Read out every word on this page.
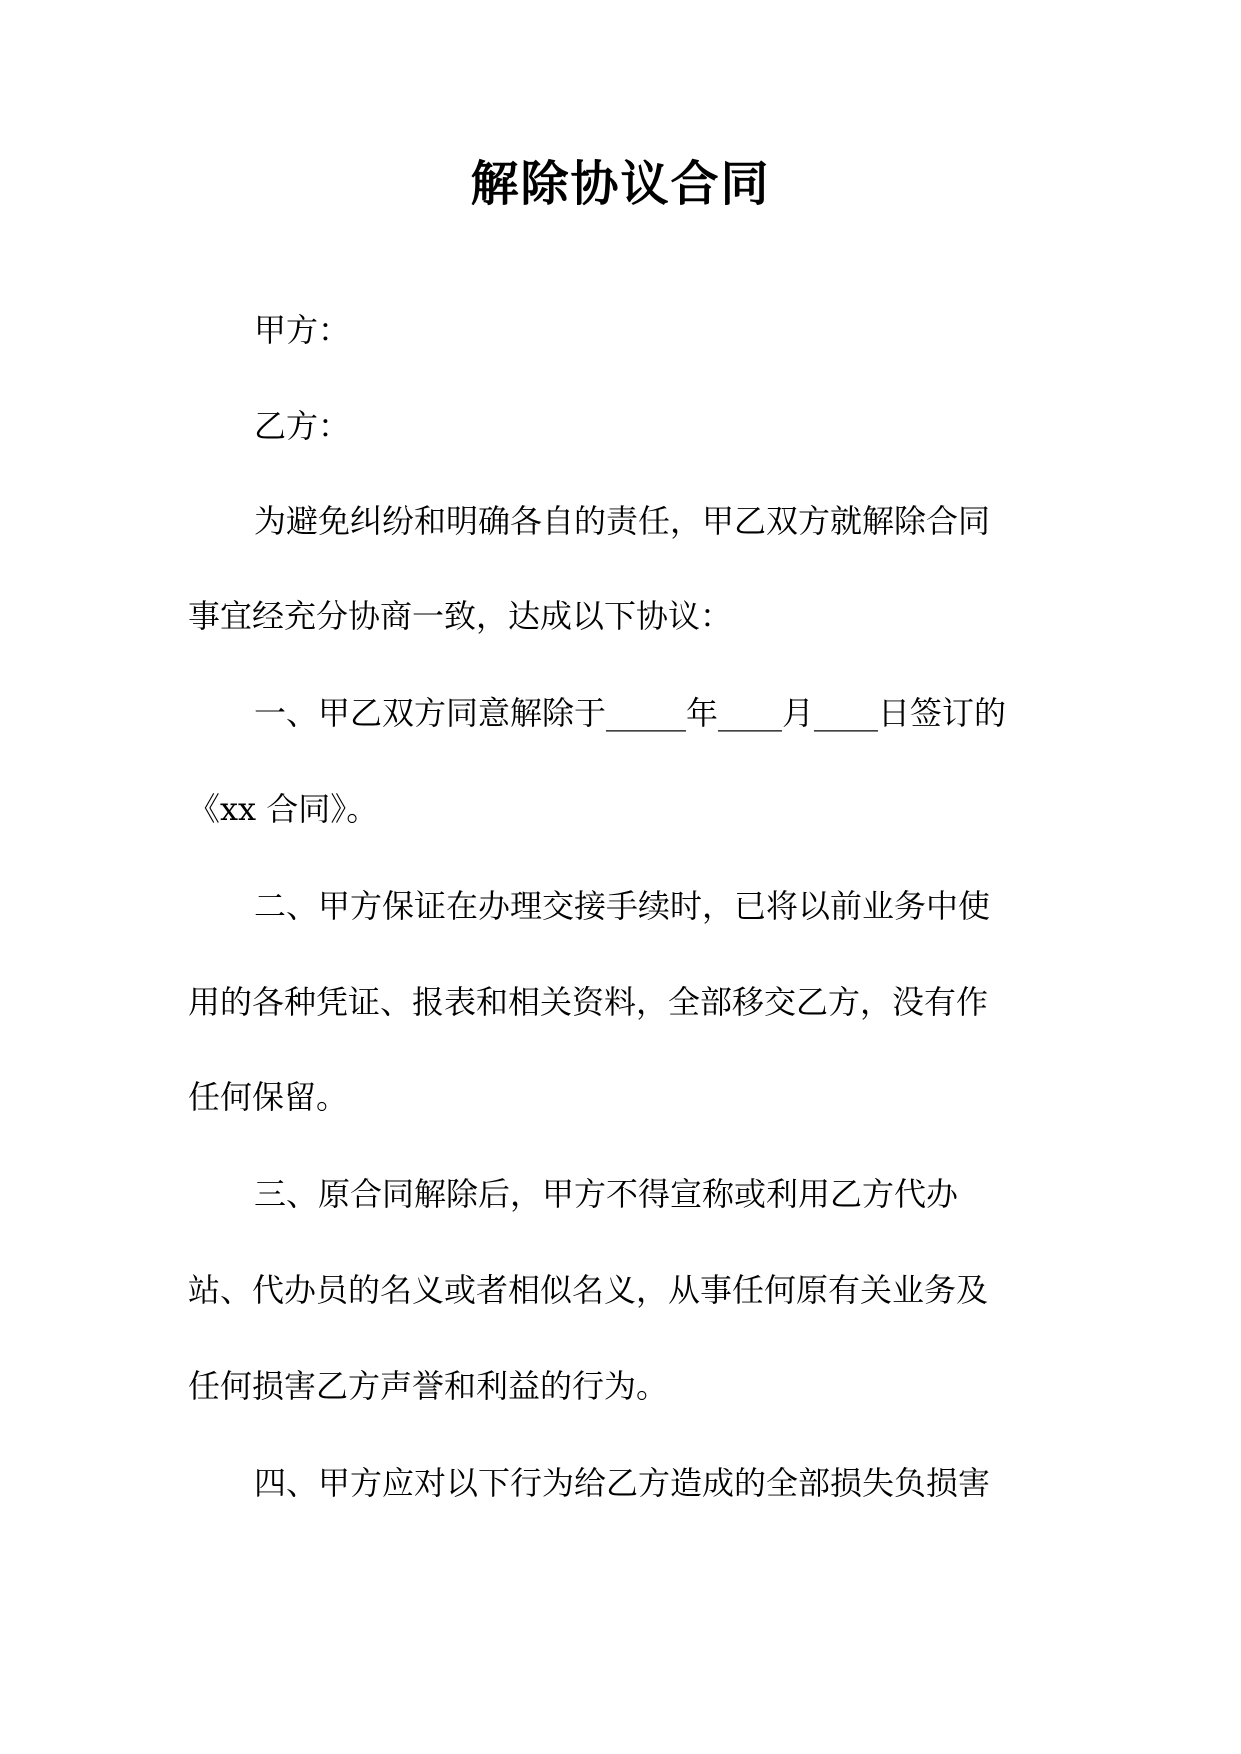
解除协议合同

甲方：

乙方：

为避免纠纷和明确各自的责任，甲乙双方就解除合同

事宜经充分协商一致，达成以下协议：

一、甲乙双方同意解除于_____年____月____日签订的

《xx 合同》。

二、甲方保证在办理交接手续时，已将以前业务中使

用的各种凭证、报表和相关资料，全部移交乙方，没有作

任何保留。

三、原合同解除后，甲方不得宣称或利用乙方代办

站、代办员的名义或者相似名义，从事任何原有关业务及

任何损害乙方声誉和利益的行为。

四、甲方应对以下行为给乙方造成的全部损失负损害
